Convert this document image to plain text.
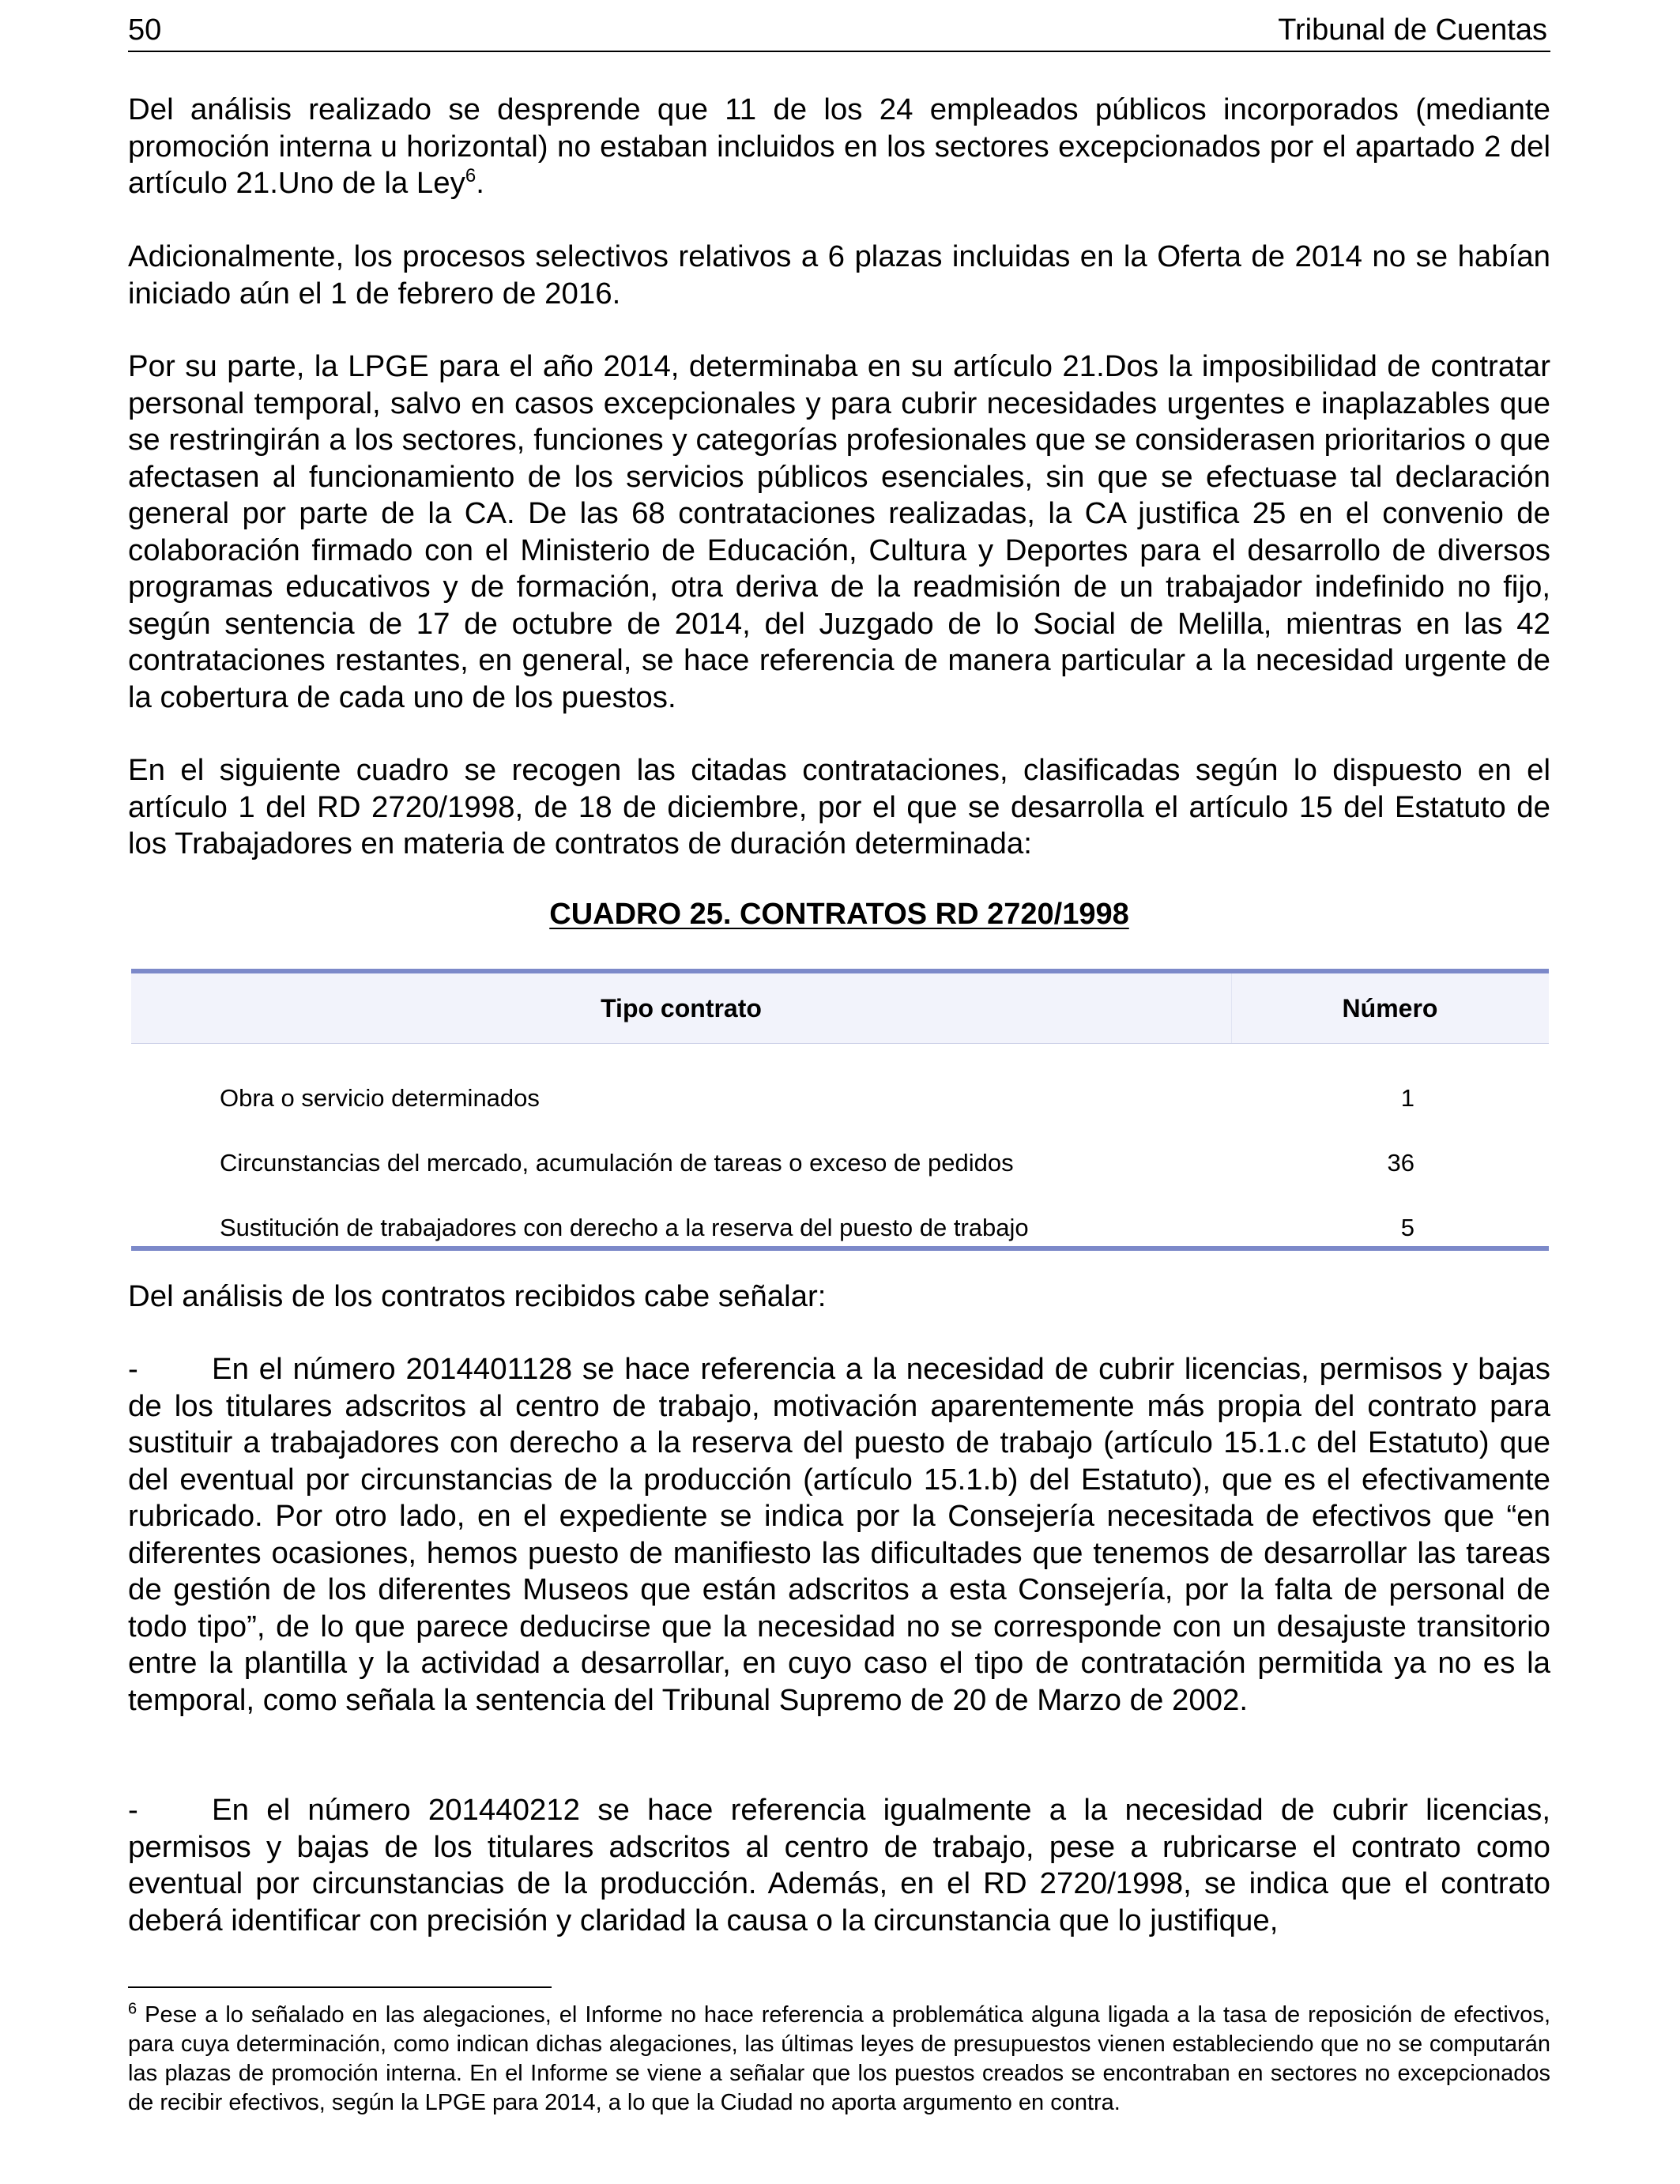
50	Tribunal de Cuentas

Del análisis realizado se desprende que 11 de los 24 empleados públicos incorporados (mediante promoción interna u horizontal) no estaban incluidos en los sectores excepcionados por el apartado 2 del artículo 21.Uno de la Ley$^6$.

Adicionalmente, los procesos selectivos relativos a 6 plazas incluidas en la Oferta de 2014 no se habían iniciado aún el 1 de febrero de 2016.

Por su parte, la LPGE para el año 2014, determinaba en su artículo 21.Dos la imposibilidad de contratar personal temporal, salvo en casos excepcionales y para cubrir necesidades urgentes e inaplazables que se restringirán a los sectores, funciones y categorías profesionales que se considerasen prioritarios o que afectasen al funcionamiento de los servicios públicos esenciales, sin que se efectuase tal declaración general por parte de la CA. De las 68 contrataciones realizadas, la CA justifica 25 en el convenio de colaboración firmado con el Ministerio de Educación, Cultura y Deportes para el desarrollo de diversos programas educativos y de formación, otra deriva de la readmisión de un trabajador indefinido no fijo, según sentencia de 17 de octubre de 2014, del Juzgado de lo Social de Melilla, mientras en las 42 contrataciones restantes, en general, se hace referencia de manera particular a la necesidad urgente de la cobertura de cada uno de los puestos.

En el siguiente cuadro se recogen las citadas contrataciones, clasificadas según lo dispuesto en el artículo 1 del RD 2720/1998, de 18 de diciembre, por el que se desarrolla el artículo 15 del Estatuto de los Trabajadores en materia de contratos de duración determinada:

CUADRO 25. CONTRATOS RD 2720/1998
Tipo contrato	Número
Obra o servicio determinados	1
Circunstancias del mercado, acumulación de tareas o exceso de pedidos	36
Sustitución de trabajadores con derecho a la reserva del puesto de trabajo	5

Del análisis de los contratos recibidos cabe señalar:

- En el número 2014401128 se hace referencia a la necesidad de cubrir licencias, permisos y bajas de los titulares adscritos al centro de trabajo, motivación aparentemente más propia del contrato para sustituir a trabajadores con derecho a la reserva del puesto de trabajo (artículo 15.1.c del Estatuto) que del eventual por circunstancias de la producción (artículo 15.1.b) del Estatuto), que es el efectivamente rubricado. Por otro lado, en el expediente se indica por la Consejería necesitada de efectivos que “en diferentes ocasiones, hemos puesto de manifiesto las dificultades que tenemos de desarrollar las tareas de gestión de los diferentes Museos que están adscritos a esta Consejería, por la falta de personal de todo tipo”, de lo que parece deducirse que la necesidad no se corresponde con un desajuste transitorio entre la plantilla y la actividad a desarrollar, en cuyo caso el tipo de contratación permitida ya no es la temporal, como señala la sentencia del Tribunal Supremo de 20 de Marzo de 2002.

- En el número 201440212 se hace referencia igualmente a la necesidad de cubrir licencias, permisos y bajas de los titulares adscritos al centro de trabajo, pese a rubricarse el contrato como eventual por circunstancias de la producción. Además, en el RD 2720/1998, se indica que el contrato deberá identificar con precisión y claridad la causa o la circunstancia que lo justifique,

$^6$ Pese a lo señalado en las alegaciones, el Informe no hace referencia a problemática alguna ligada a la tasa de reposición de efectivos, para cuya determinación, como indican dichas alegaciones, las últimas leyes de presupuestos vienen estableciendo que no se computarán las plazas de promoción interna. En el Informe se viene a señalar que los puestos creados se encontraban en sectores no excepcionados de recibir efectivos, según la LPGE para 2014, a lo que la Ciudad no aporta argumento en contra.
